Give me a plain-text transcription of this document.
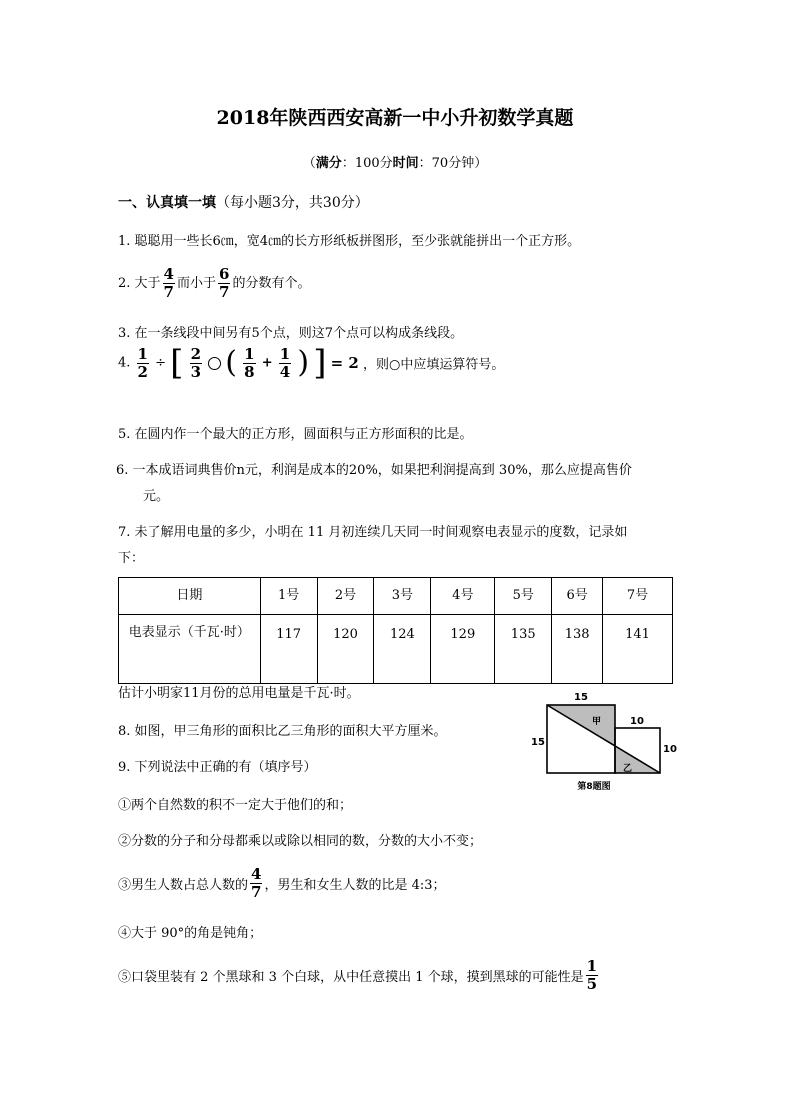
2018年陕西西安高新一中小升初数学真题
（满分：100分时间：70分钟）
一、认真填一填（每小题3分，共30分）
1. 聪聪用一些长6㎝，宽4㎝的长方形纸板拼图形，至少张就能拼出一个正方形。
2. 大于 $\frac{4}{7}$ 而小于 $\frac{6}{7}$ 的分数有个。
3. 在一条线段中间另有5个点，则这7个点可以构成条线段。
4. $\frac{1}{2}$ ÷ [ $\frac{2}{3}$ ( $\frac{1}{8} + \frac{1}{4}$ ) ] = 2 ，则○中应填运算符号。
5. 在圆内作一个最大的正方形，圆面积与正方形面积的比是。
6. 一本成语词典售价n元，利润是成本的20%，如果把利润提高到 30%，那么应提高售价
元。
7. 未了解用电量的多少，小明在 11 月初连续几天同一时间观察电表显示的度数，记录如
下：
日期	1号	2号	3号	4号	5号	6号	7号
电表显示（千瓦·时）	117	120	124	129	135	138	141
估计小明家11月份的总用电量是千瓦·时。
8. 如图，甲三角形的面积比乙三角形的面积大平方厘米。
15
15
10
10
甲
乙
第8题图
9. 下列说法中正确的有（填序号）
①两个自然数的积不一定大于他们的和；
②分数的分子和分母都乘以或除以相同的数，分数的大小不变；
③男生人数占总人数的 $\frac{4}{7}$ ，男生和女生人数的比是 4:3；
④大于 90°的角是钝角；
⑤口袋里装有 2 个黑球和 3 个白球，从中任意摸出 1 个球，摸到黑球的可能性是 $\frac{1}{5}$
